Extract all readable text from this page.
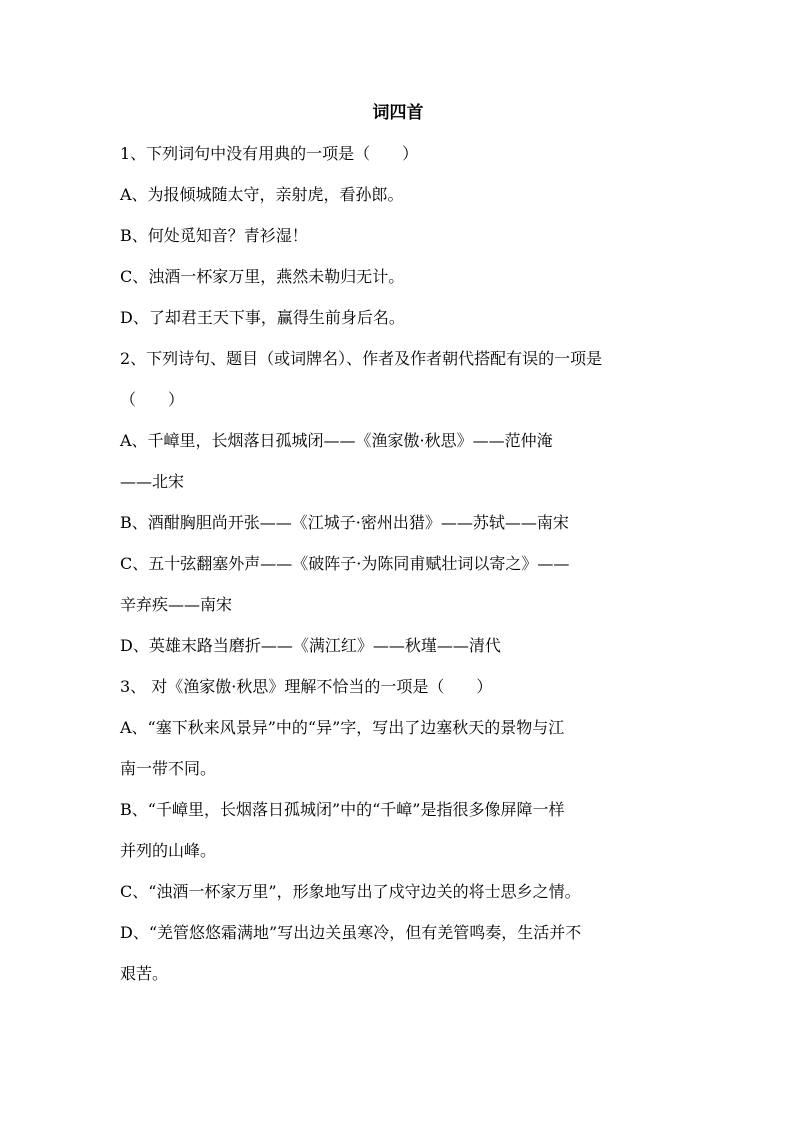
词四首
1、下列词句中没有用典的一项是（　　）
A、为报倾城随太守，亲射虎，看孙郎。
B、何处觅知音？青衫湿！
C、浊酒一杯家万里，燕然未勒归无计。
D、了却君王天下事，赢得生前身后名。
2、下列诗句、题目（或词牌名）、作者及作者朝代搭配有误的一项是
（　　）
A、千嶂里，长烟落日孤城闭——《渔家傲·秋思》——范仲淹
——北宋
B、酒酣胸胆尚开张——《江城子·密州出猎》——苏轼——南宋
C、五十弦翻塞外声——《破阵子·为陈同甫赋壮词以寄之》——
辛弃疾——南宋
D、英雄末路当磨折——《满江红》——秋瑾——清代
3、 对《渔家傲·秋思》理解不恰当的一项是（　　）
A、“塞下秋来风景异”中的“异”字，写出了边塞秋天的景物与江
南一带不同。
B、“千嶂里，长烟落日孤城闭”中的“千嶂”是指很多像屏障一样
并列的山峰。
C、“浊酒一杯家万里”，形象地写出了戍守边关的将士思乡之情。
D、“羌管悠悠霜满地”写出边关虽寒冷，但有羌管鸣奏，生活并不
艰苦。
